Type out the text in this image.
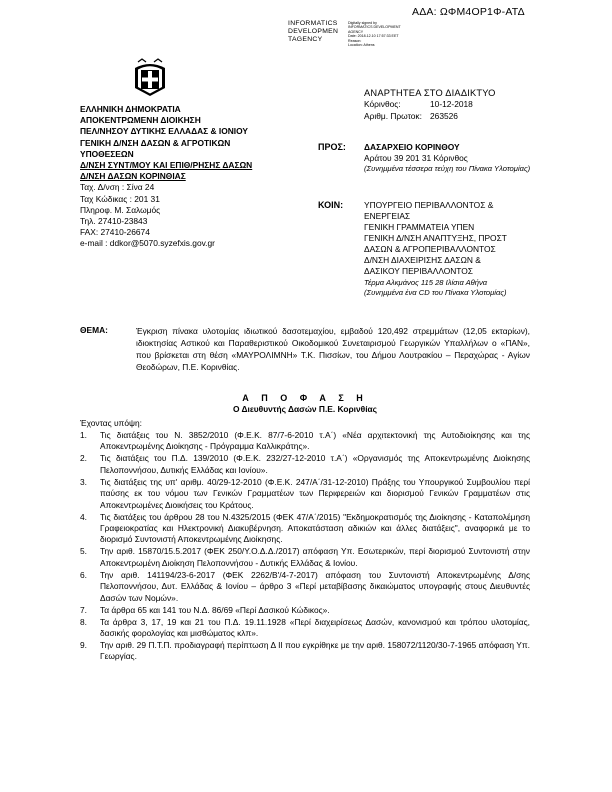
ΑΔΑ: ΩΦΜ4ΟΡ1Φ-ΑΤΔ
INFORMATICS
DEVELOPMEN
TAGENCY
Digitally signed by
INFORMATICS DEVELOPMENT AGENCY
Date: 2018.12.10 17:57:33 EET
Reason:
Location: Athens
ΕΛΛΗΝΙΚΗ ΔΗΜΟΚΡΑΤΙΑ
ΑΠΟΚΕΝΤΡΩΜΕΝΗ ΔΙΟΙΚΗΣΗ
ΠΕΛ/ΝΗΣΟΥ ΔΥΤΙΚΗΣ ΕΛΛΑΔΑΣ & ΙΟΝΙΟΥ
ΓΕΝΙΚΗ Δ/ΝΣΗ ΔΑΣΩΝ & ΑΓΡΟΤΙΚΩΝ
ΥΠΟΘΕΣΕΩΝ
Δ/ΝΣΗ ΣΥΝΤ/ΜΟΥ ΚΑΙ ΕΠΙΘ/ΡΗΣΗΣ ΔΑΣΩΝ
Δ/ΝΣΗ ΔΑΣΩΝ ΚΟΡΙΝΘΙΑΣ
Ταχ. Δ/νση : Σίνα 24
Ταχ Κώδικας : 201 31
Πληροφ. Μ. Σαλωμός
Τηλ. 27410-23843
FAX: 27410-26674
e-mail : ddkor@5070.syzefxis.gov.gr
ΑΝΑΡΤΗΤΕΑ ΣΤΟ ΔΙΑΔΙΚΤΥΟ
Κόρινθος:	10-12-2018
Αριθμ. Πρωτοκ: 263526
ΠΡΟΣ: ΔΑΣΑΡΧΕΙΟ ΚΟΡΙΝΘΟΥ
Αράτου 39 201 31 Κόρινθος
(Συνημμένα τέσσερα τεύχη του Πίνακα Υλοτομίας)
ΚΟΙΝ: ΥΠΟΥΡΓΕΙΟ ΠΕΡΙΒΑΛΛΟΝΤΟΣ &
ΕΝΕΡΓΕΙΑΣ
ΓΕΝΙΚΗ ΓΡΑΜΜΑΤΕΙΑ ΥΠΕΝ
ΓΕΝΙΚΗ Δ/ΝΣΗ ΑΝΑΠΤΥΞΗΣ, ΠΡΟΣΤ
ΔΑΣΩΝ & ΑΓΡΟΠΕΡΙΒΑΛΛΟΝΤΟΣ
Δ/ΝΣΗ ΔΙΑΧΕΙΡΙΣΗΣ ΔΑΣΩΝ &
ΔΑΣΙΚΟΥ ΠΕΡΙΒΑΛΛΟΝΤΟΣ
Τέρμα Αλκμάνος 115 28 Ιλίσια Αθήνα
(Συνημμένα ένα CD του Πίνακα Υλοτομίας)
ΘΕΜΑ:	Έγκριση πίνακα υλοτομίας ιδιωτικού δασοτεμαχίου, εμβαδού 120,492 στρεμμάτων (12,05 εκταρίων), ιδιοκτησίας Αστικού και Παραθεριστικού Οικοδομικού Συνεταιρισμού Γεωργικών Υπαλλήλων ο «ΠΑΝ», που βρίσκεται στη θέση «ΜΑΥΡΟΛΙΜΝΗ» Τ.Κ. Πισσίων, του Δήμου Λουτρακίου – Περαχώρας - Αγίων Θεοδώρων, Π.Ε. Κορινθίας.
Α Π Ο Φ Α Σ Η
Ο Διευθυντής Δασών Π.Ε. Κορινθίας
Έχοντας υπόψη:
1.	Τις διατάξεις του Ν. 3852/2010 (Φ.Ε.Κ. 87/7-6-2010 τ.Α΄) «Νέα αρχιτεκτονική της Αυτοδιοίκησης και της Αποκεντρωμένης Διοίκησης - Πρόγραμμα Καλλικράτης».
2.	Τις διατάξεις του Π.Δ. 139/2010 (Φ.Ε.Κ. 232/27-12-2010 τ.Α΄) «Οργανισμός της Αποκεντρωμένης Διοίκησης Πελοποννήσου, Δυτικής Ελλάδας και Ιονίου».
3.	Τις διατάξεις της υπ' αριθμ. 40/29-12-2010 (Φ.Ε.Κ. 247/Α΄/31-12-2010) Πράξης του Υπουργικού Συμβουλίου περί παύσης εκ του νόμου των Γενικών Γραμματέων των Περιφερειών και διορισμού Γενικών Γραμματέων στις Αποκεντρωμένες Διοικήσεις του Κράτους.
4.	Τις διατάξεις του άρθρου 28 του Ν.4325/2015 (ΦΕΚ 47/Α΄/2015) "Εκδημοκρατισμός της Διοίκησης - Καταπολέμηση Γραφειοκρατίας και Ηλεκτρονική Διακυβέρνηση. Αποκατάσταση αδικιών και άλλες διατάξεις", αναφορικά με το διορισμό Συντονιστή Αποκεντρωμένης Διοίκησης.
5.	Την αριθ. 15870/15.5.2017 (ΦΕΚ 250/Υ.Ο.Δ.Δ./2017) απόφαση Υπ. Εσωτερικών, περί διορισμού Συντονιστή στην Αποκεντρωμένη Διοίκηση Πελοποννήσου - Δυτικής Ελλάδας & Ιονίου.
6.	Την αριθ. 141194/23-6-2017 (ΦΕΚ 2262/Β'/4-7-2017) απόφαση του Συντονιστή Αποκεντρωμένης Δ/σης Πελοποννήσου, Δυτ. Ελλάδας & Ιονίου – άρθρο 3 «Περί μεταβίβασης δικαιώματος υπογραφής στους Διευθυντές Δασών των Νομών».
7.	Τα άρθρα 65 και 141 του Ν.Δ. 86/69 «Περί Δασικού Κώδικος».
8.	Τα άρθρα 3, 17, 19 και 21 του Π.Δ. 19.11.1928 «Περί διαχειρίσεως Δασών, κανονισμού και τρόπου υλοτομίας, δασικής φορολογίας και μισθώματος κλπ».
9.	Την αριθ. 29 Π.Τ.Π. προδιαγραφή περίπτωση Δ ΙΙ που εγκρίθηκε με την αριθ. 158072/1120/30-7-1965 απόφαση Υπ. Γεωργίας.
